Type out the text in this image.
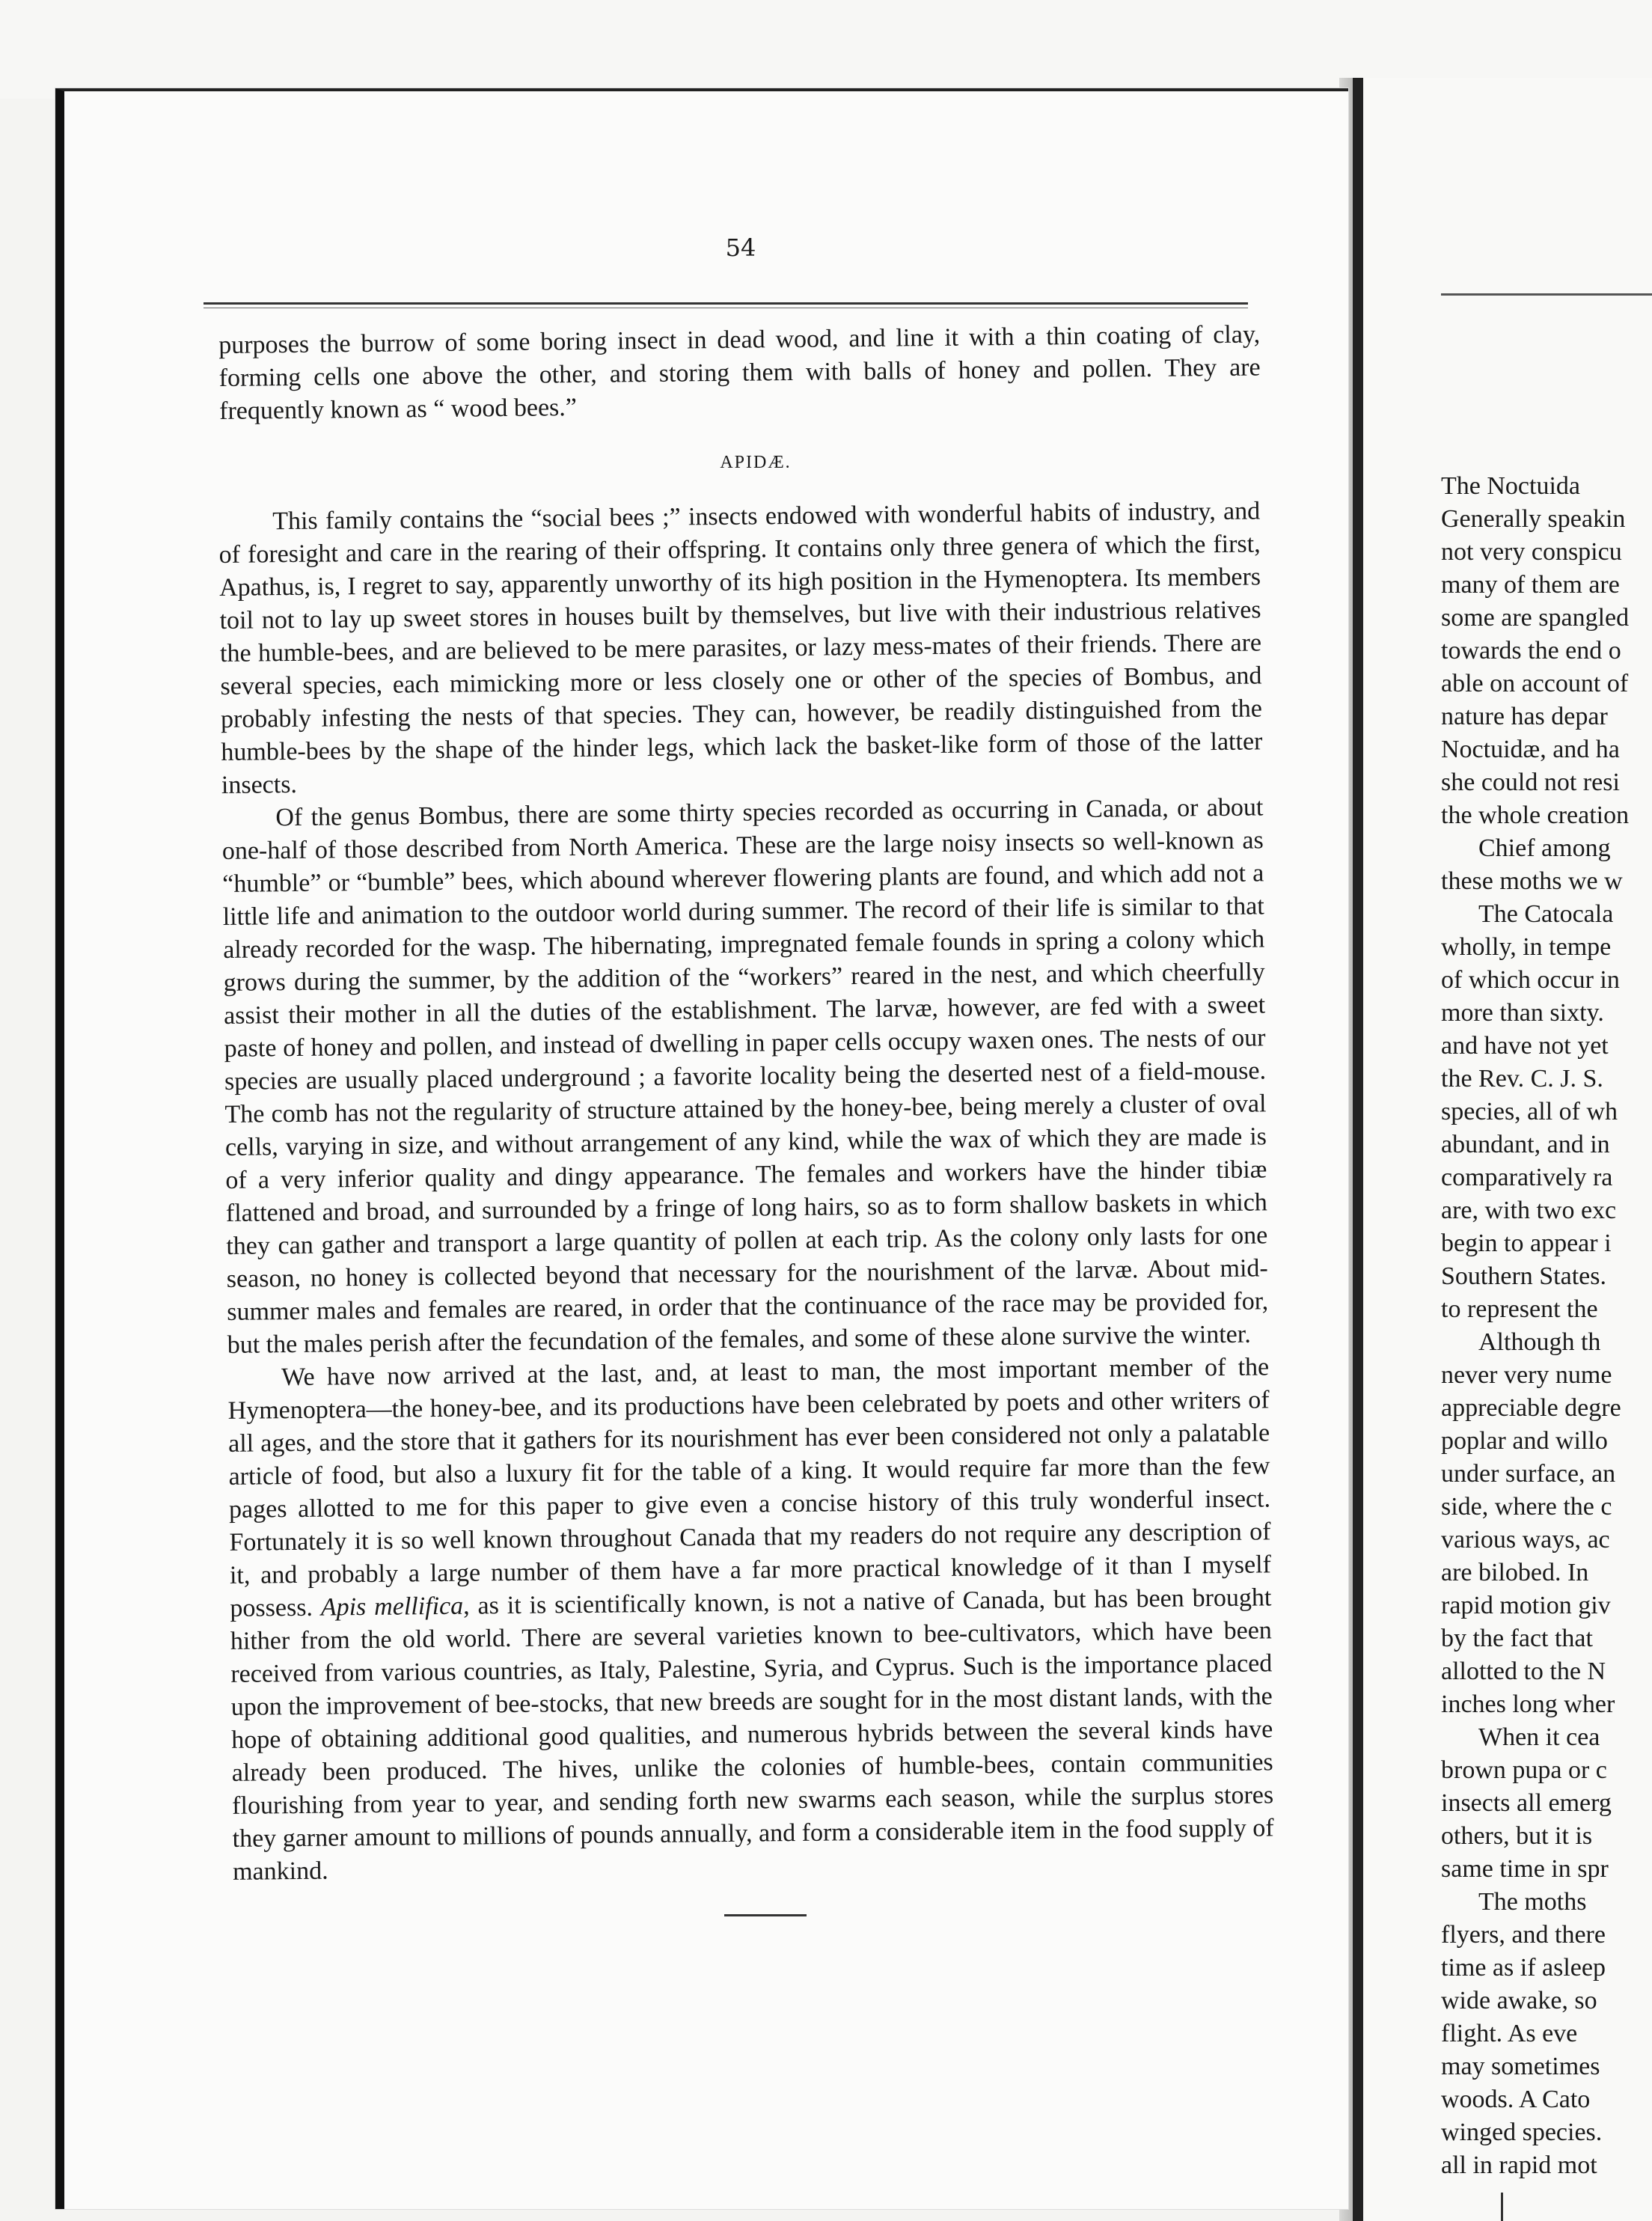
54

purposes the burrow of some boring insect in dead wood, and line it with a thin coating of clay, forming cells one above the other, and storing them with balls of honey and pollen. They are frequently known as “ wood bees.”

APIDÆ.

This family contains the “social bees ;” insects endowed with wonderful habits of industry, and of foresight and care in the rearing of their offspring. It contains only three genera of which the first, Apathus, is, I regret to say, apparently unworthy of its high position in the Hymenoptera. Its members toil not to lay up sweet stores in houses built by themselves, but live with their industrious relatives the humble-bees, and are believed to be mere parasites, or lazy mess-mates of their friends. There are several species, each mimicking more or less closely one or other of the species of Bombus, and probably infesting the nests of that species. They can, however, be readily distinguished from the humble-bees by the shape of the hinder legs, which lack the basket-like form of those of the latter insects.

Of the genus Bombus, there are some thirty species recorded as occurring in Canada, or about one-half of those described from North America. These are the large noisy insects so well-known as “humble” or “bumble” bees, which abound wherever flowering plants are found, and which add not a little life and animation to the outdoor world during summer. The record of their life is similar to that already recorded for the wasp. The hibernating, impregnated female founds in spring a colony which grows during the summer, by the addition of the “workers” reared in the nest, and which cheerfully assist their mother in all the duties of the establishment. The larvæ, however, are fed with a sweet paste of honey and pollen, and instead of dwelling in paper cells occupy waxen ones. The nests of our species are usually placed underground ; a favorite locality being the deserted nest of a field-mouse. The comb has not the regularity of structure attained by the honey-bee, being merely a cluster of oval cells, varying in size, and without arrangement of any kind, while the wax of which they are made is of a very inferior quality and dingy appearance. The females and workers have the hinder tibiæ flattened and broad, and surrounded by a fringe of long hairs, so as to form shallow baskets in which they can gather and transport a large quantity of pollen at each trip. As the colony only lasts for one season, no honey is collected beyond that necessary for the nourishment of the larvæ. About mid-summer males and females are reared, in order that the continuance of the race may be provided for, but the males perish after the fecundation of the females, and some of these alone survive the winter.

We have now arrived at the last, and, at least to man, the most important member of the Hymenoptera—the honey-bee, and its productions have been celebrated by poets and other writers of all ages, and the store that it gathers for its nourishment has ever been considered not only a palatable article of food, but also a luxury fit for the table of a king. It would require far more than the few pages allotted to me for this paper to give even a concise history of this truly wonderful insect. Fortunately it is so well known throughout Canada that my readers do not require any description of it, and probably a large number of them have a far more practical knowledge of it than I myself possess. Apis mellifica, as it is scientifically known, is not a native of Canada, but has been brought hither from the old world. There are several varieties known to bee-cultivators, which have been received from various countries, as Italy, Palestine, Syria, and Cyprus. Such is the importance placed upon the improvement of bee-stocks, that new breeds are sought for in the most distant lands, with the hope of obtaining additional good qualities, and numerous hybrids between the several kinds have already been produced. The hives, unlike the colonies of humble-bees, contain communities flourishing from year to year, and sending forth new swarms each season, while the surplus stores they garner amount to millions of pounds annually, and form a considerable item in the food supply of mankind.

The Noctuida
Generally speakin
not very conspicu
many of them are
some are spangled
towards the end o
able on account of
nature has depar
Noctuidæ, and ha
she could not resi
the whole creation
Chief among
these moths we w
The Catocala
wholly, in tempe
of which occur in
more than sixty.
and have not yet
the Rev. C. J. S.
species, all of wh
abundant, and in
comparatively ra
are, with two exc
begin to appear i
Southern States.
to represent the
Although th
never very nume
appreciable degre
poplar and willo
under surface, an
side, where the c
various ways, ac
are bilobed. In
rapid motion giv
by the fact that
allotted to the N
inches long wher
When it cea
brown pupa or c
insects all emerg
others, but it is
same time in spr
The moths
flyers, and there
time as if asleep
wide awake, so
flight. As eve
may sometimes
woods. A Cato
winged species.
all in rapid mot
